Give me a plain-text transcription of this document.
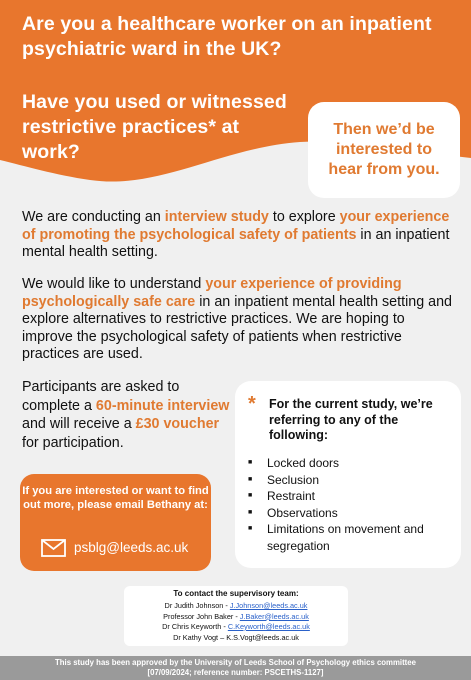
Are you a healthcare worker on an inpatient psychiatric ward in the UK?
Have you used or witnessed restrictive practices* at work?
Then we’d be interested to hear from you.

We are conducting an interview study to explore your experience of promoting the psychological safety of patients in an inpatient mental health setting.

We would like to understand your experience of providing psychologically safe care in an inpatient mental health setting and explore alternatives to restrictive practices. We are hoping to improve the psychological safety of patients when restrictive practices are used.

Participants are asked to complete a 60-minute interview and will receive a £30 voucher for participation.

If you are interested or want to find out more, please email Bethany at:
psblg@leeds.ac.uk
* For the current study, we’re referring to any of the following:
■ Locked doors
■ Seclusion
■ Restraint
■ Observations
■ Limitations on movement and segregation
To contact the supervisory team:
Dr Judith Johnson - J.Johnson@leeds.ac.uk
Professor John Baker - J.Baker@leeds.ac.uk
Dr Chris Keyworth - C.Keyworth@leeds.ac.uk
Dr Kathy Vogt – K.S.Vogt@leeds.ac.uk
This study has been approved by the University of Leeds School of Psychology ethics committee
[07/09/2024; reference number: PSCETHS-1127]
